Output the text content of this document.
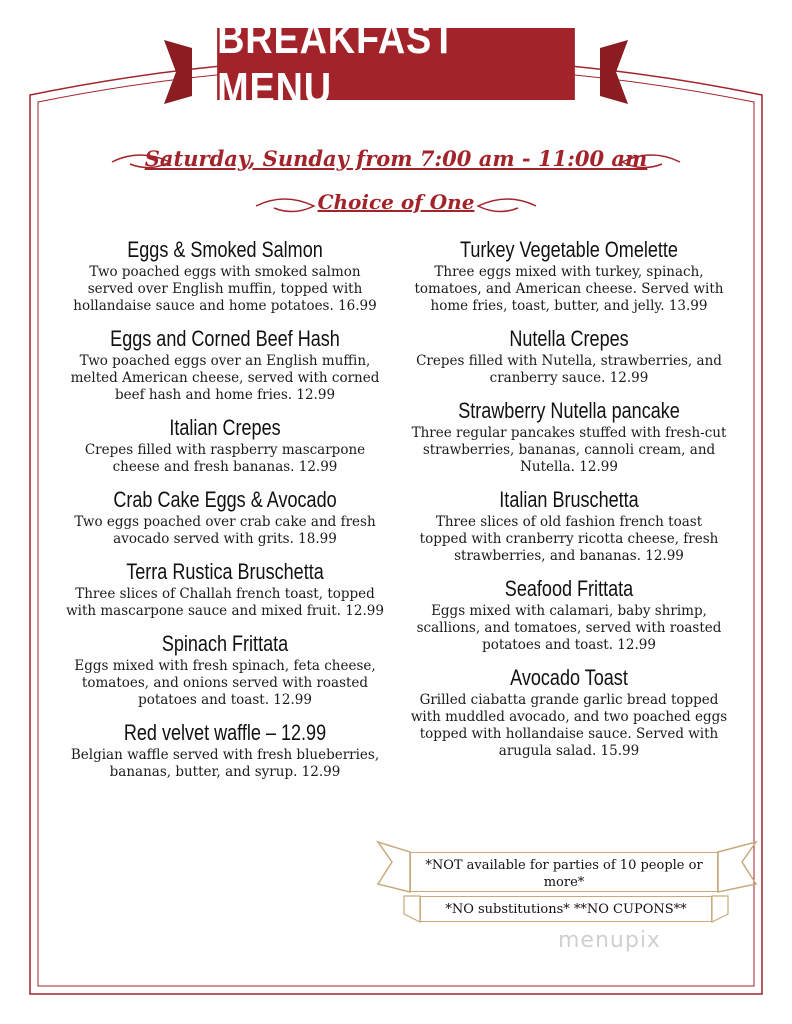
BREAKFAST MENU
Saturday, Sunday from 7:00 am - 11:00 am
Choice of One
Eggs & Smoked Salmon
Two poached eggs with smoked salmon served over English muffin, topped with hollandaise sauce and home potatoes. 16.99
Eggs and Corned Beef Hash
Two poached eggs over an English muffin, melted American cheese, served with corned beef hash and home fries. 12.99
Italian Crepes
Crepes filled with raspberry mascarpone cheese and fresh bananas. 12.99
Crab Cake Eggs & Avocado
Two eggs poached over crab cake and fresh avocado served with grits. 18.99
Terra Rustica Bruschetta
Three slices of Challah french toast, topped with mascarpone sauce and mixed fruit. 12.99
Spinach Frittata
Eggs mixed with fresh spinach, feta cheese, tomatoes, and onions served with roasted potatoes and toast. 12.99
Red velvet waffle – 12.99
Belgian waffle served with fresh blueberries, bananas, butter, and syrup. 12.99
Turkey Vegetable Omelette
Three eggs mixed with turkey, spinach, tomatoes, and American cheese. Served with home fries, toast, butter, and jelly. 13.99
Nutella Crepes
Crepes filled with Nutella, strawberries, and cranberry sauce. 12.99
Strawberry Nutella pancake
Three regular pancakes stuffed with fresh-cut strawberries, bananas, cannoli cream, and Nutella. 12.99
Italian Bruschetta
Three slices of old fashion french toast topped with cranberry ricotta cheese, fresh strawberries, and bananas. 12.99
Seafood Frittata
Eggs mixed with calamari, baby shrimp, scallions, and tomatoes, served with roasted potatoes and toast. 12.99
Avocado Toast
Grilled ciabatta grande garlic bread topped with muddled avocado, and two poached eggs topped with hollandaise sauce. Served with arugula salad. 15.99
*NOT available for parties of 10 people or more*
*NO substitutions* **NO CUPONS**
menupix
